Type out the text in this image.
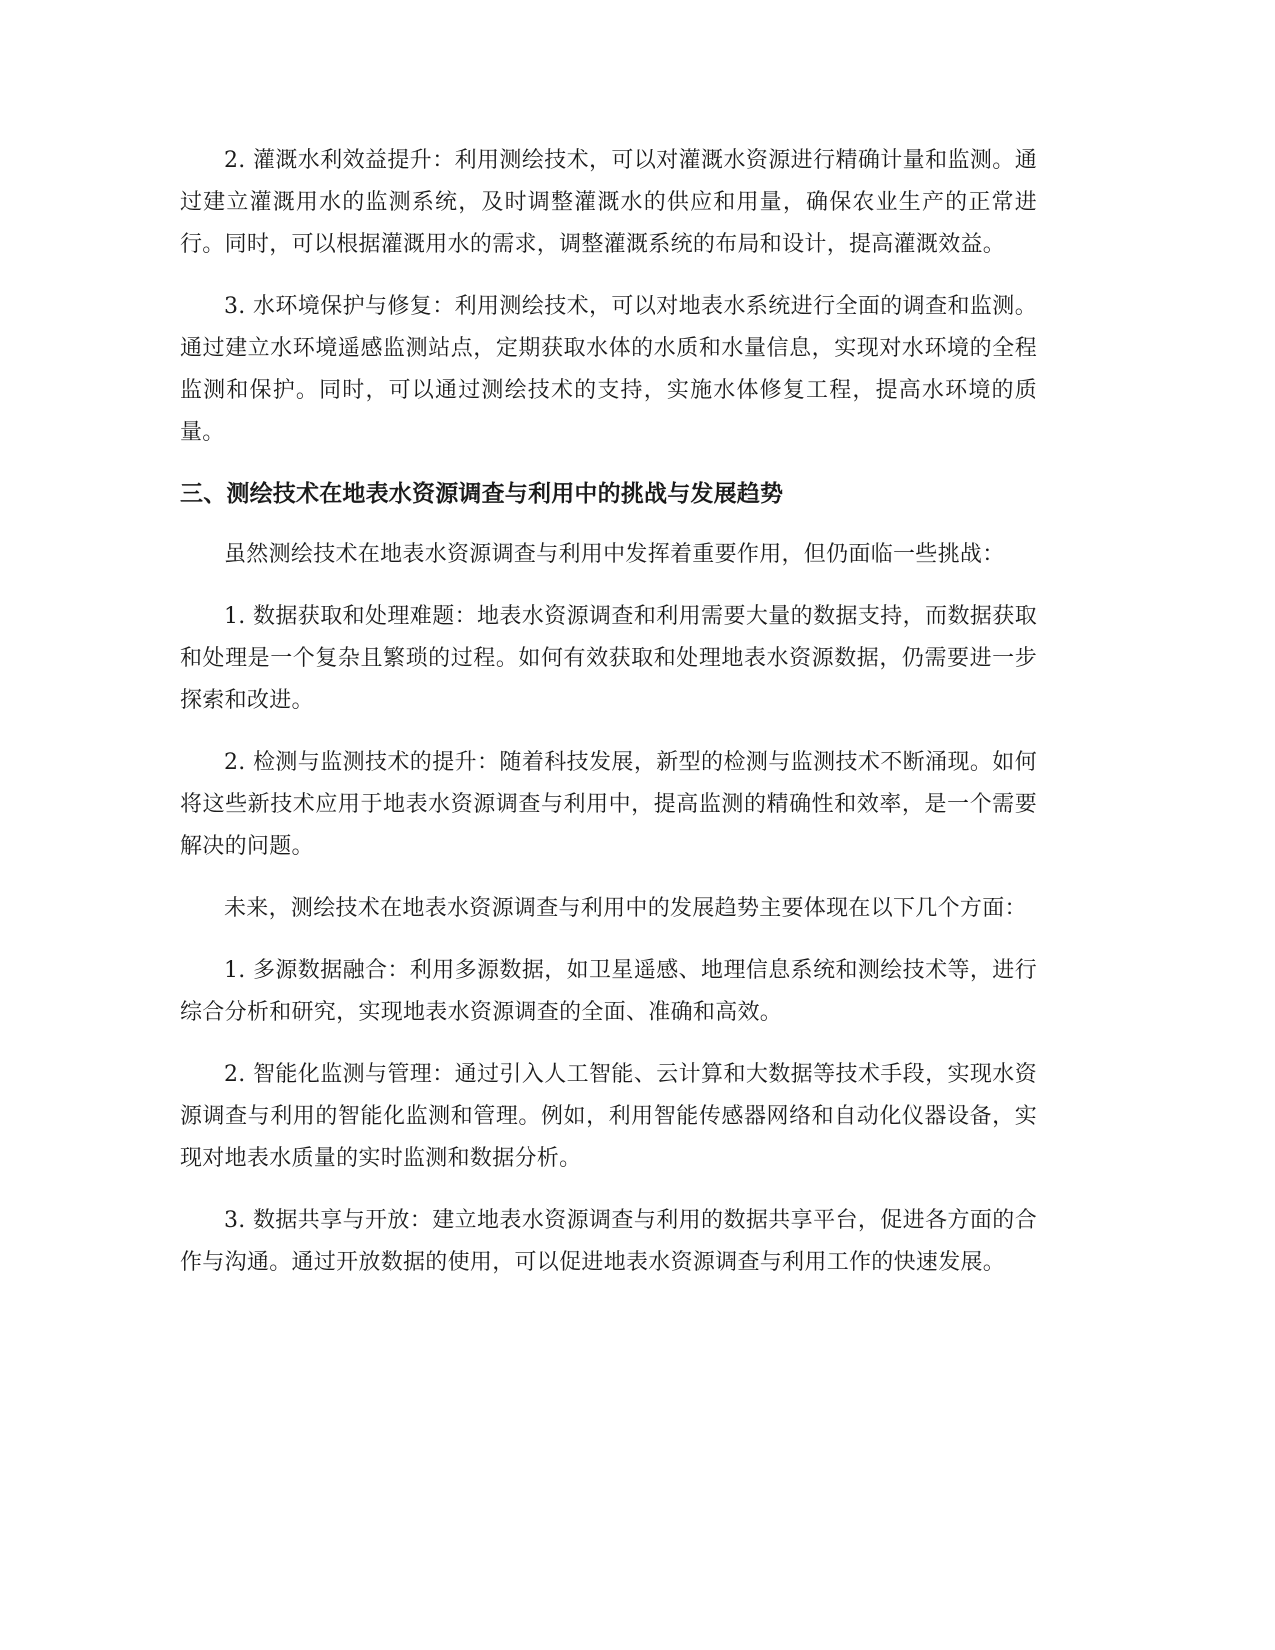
2. 灌溉水利效益提升：利用测绘技术，可以对灌溉水资源进行精确计量和监测。通过建立灌溉用水的监测系统，及时调整灌溉水的供应和用量，确保农业生产的正常进行。同时，可以根据灌溉用水的需求，调整灌溉系统的布局和设计，提高灌溉效益。

3. 水环境保护与修复：利用测绘技术，可以对地表水系统进行全面的调查和监测。通过建立水环境遥感监测站点，定期获取水体的水质和水量信息，实现对水环境的全程监测和保护。同时，可以通过测绘技术的支持，实施水体修复工程，提高水环境的质量。

三、测绘技术在地表水资源调查与利用中的挑战与发展趋势

虽然测绘技术在地表水资源调查与利用中发挥着重要作用，但仍面临一些挑战：

1. 数据获取和处理难题：地表水资源调查和利用需要大量的数据支持，而数据获取和处理是一个复杂且繁琐的过程。如何有效获取和处理地表水资源数据，仍需要进一步探索和改进。

2. 检测与监测技术的提升：随着科技发展，新型的检测与监测技术不断涌现。如何将这些新技术应用于地表水资源调查与利用中，提高监测的精确性和效率，是一个需要解决的问题。

未来，测绘技术在地表水资源调查与利用中的发展趋势主要体现在以下几个方面：

1. 多源数据融合：利用多源数据，如卫星遥感、地理信息系统和测绘技术等，进行综合分析和研究，实现地表水资源调查的全面、准确和高效。

2. 智能化监测与管理：通过引入人工智能、云计算和大数据等技术手段，实现水资源调查与利用的智能化监测和管理。例如，利用智能传感器网络和自动化仪器设备，实现对地表水质量的实时监测和数据分析。

3. 数据共享与开放：建立地表水资源调查与利用的数据共享平台，促进各方面的合作与沟通。通过开放数据的使用，可以促进地表水资源调查与利用工作的快速发展。
